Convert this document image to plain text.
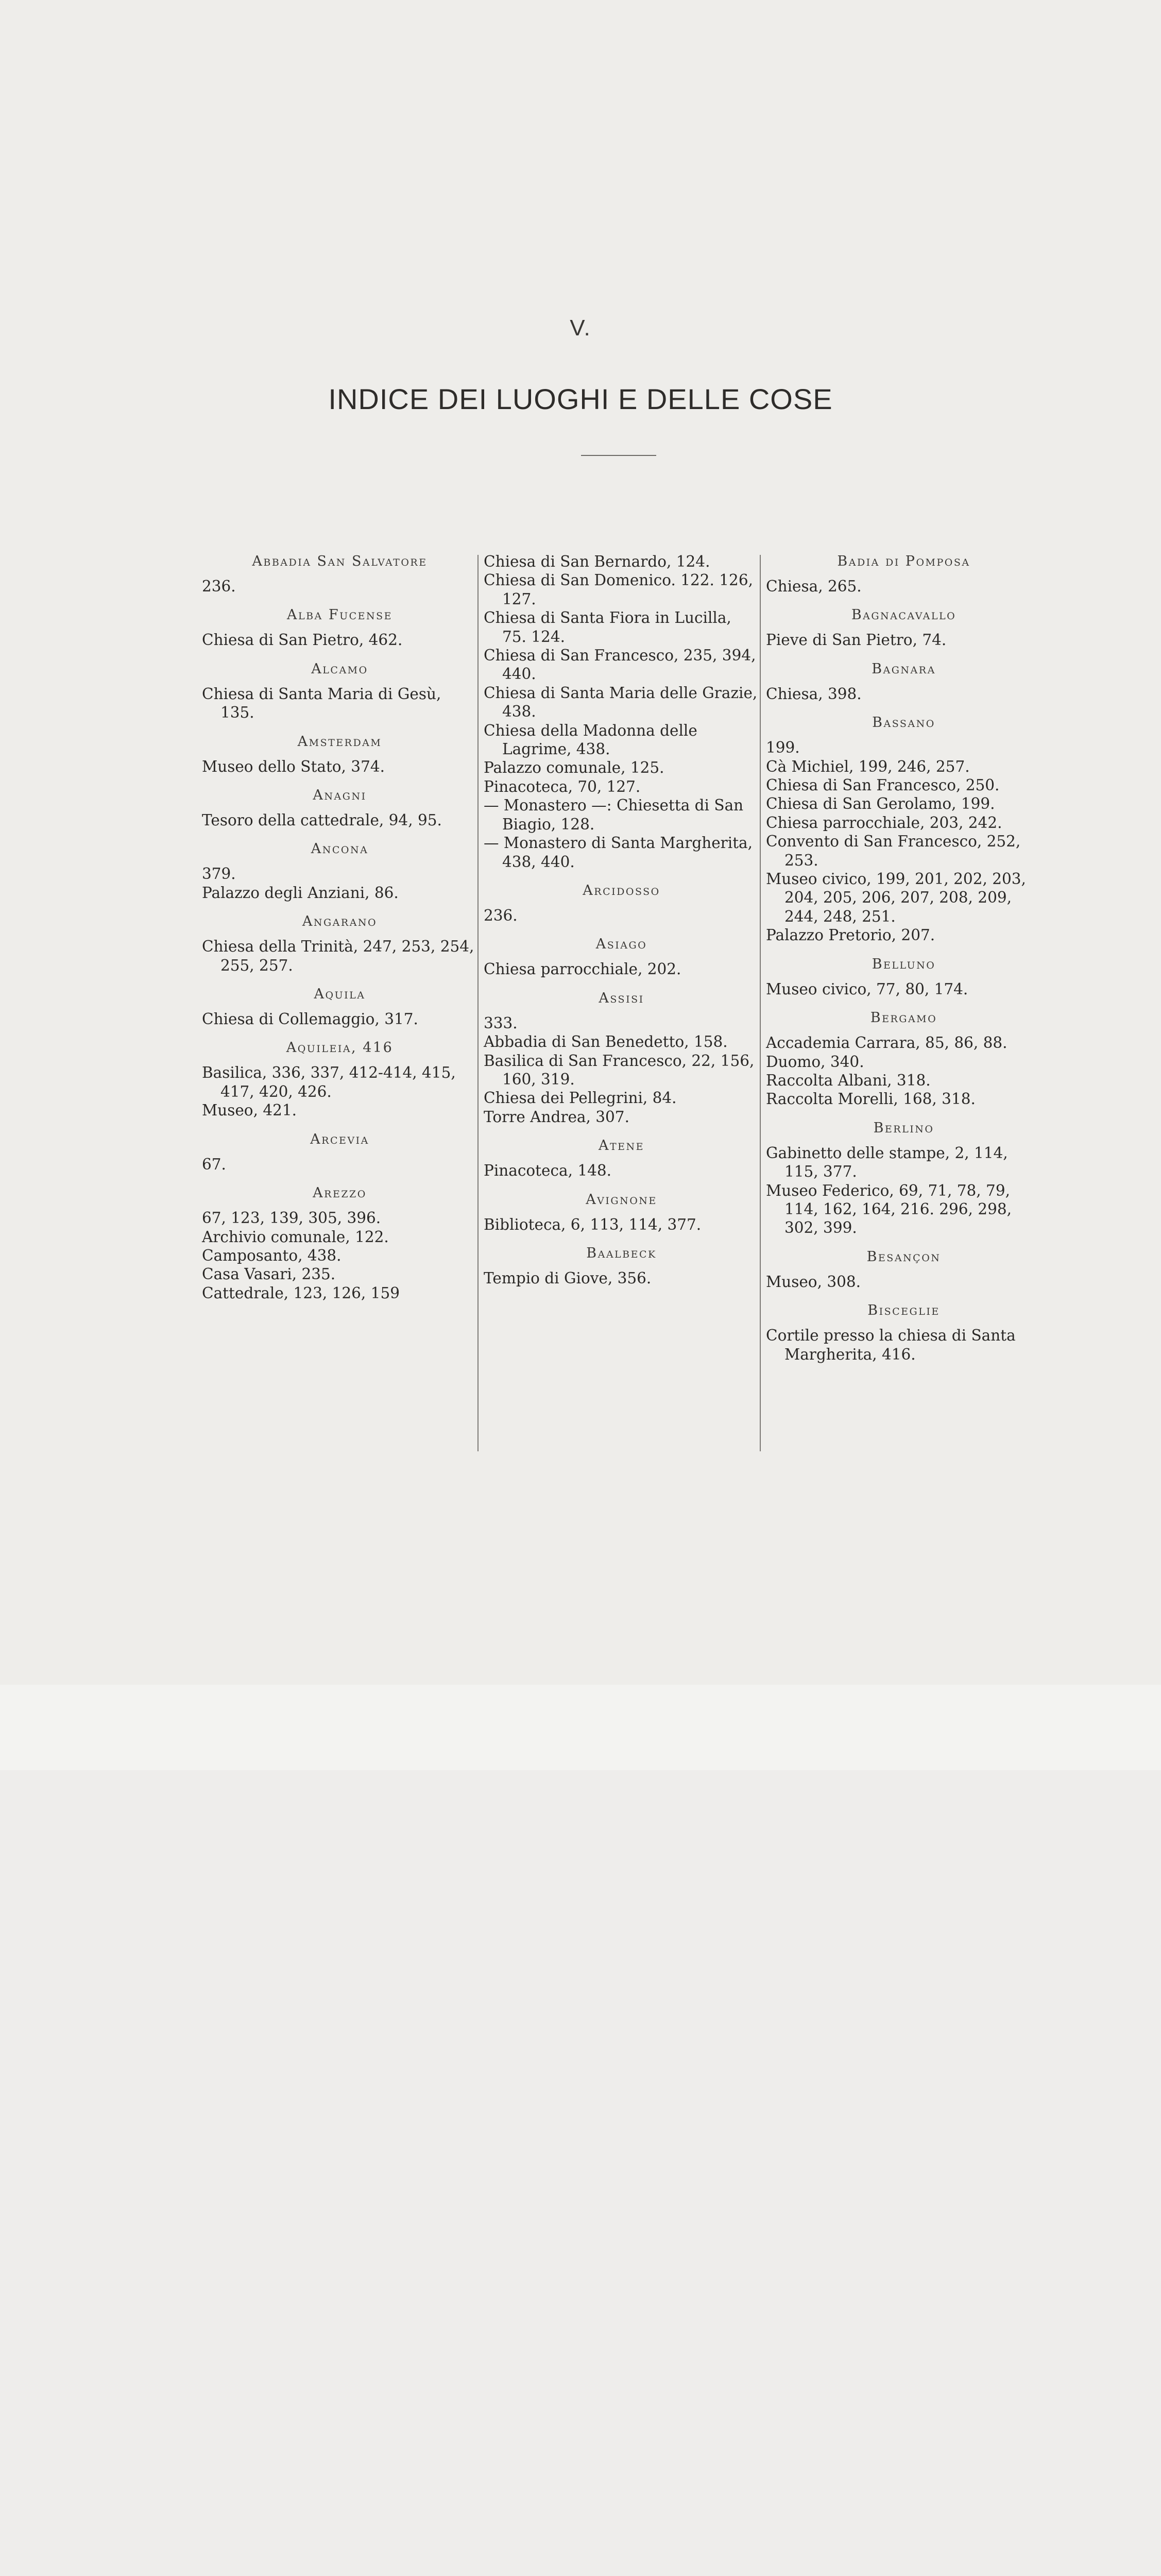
V.
INDICE DEI LUOGHI E DELLE COSE
Abbadia San Salvatore
236.
Alba Fucense
Chiesa di San Pietro, 462.
Alcamo
Chiesa di Santa Maria di Gesù, 135.
Amsterdam
Museo dello Stato, 374.
Anagni
Tesoro della cattedrale, 94, 95.
Ancona
379.
Palazzo degli Anziani, 86.
Angarano
Chiesa della Trinità, 247, 253, 254, 255, 257.
Aquila
Chiesa di Collemaggio, 317.
Aquileia, 416
Basilica, 336, 337, 412-414, 415, 417, 420, 426.
Museo, 421.
Arcevia
67.
Arezzo
67, 123, 139, 305, 396.
Archivio comunale, 122.
Camposanto, 438.
Casa Vasari, 235.
Cattedrale, 123, 126, 159
Chiesa di San Bernardo, 124.
Chiesa di San Domenico. 122. 126, 127.
Chiesa di Santa Fiora in Lucilla, 75. 124.
Chiesa di San Francesco, 235, 394, 440.
Chiesa di Santa Maria delle Grazie, 438.
Chiesa della Madonna delle Lagrime, 438.
Palazzo comunale, 125.
Pinacoteca, 70, 127.
— Monastero —: Chiesetta di San Biagio, 128.
— Monastero di Santa Margherita, 438, 440.
Arcidosso
236.
Asiago
Chiesa parrocchiale, 202.
Assisi
333.
Abbadia di San Benedetto, 158.
Basilica di San Francesco, 22, 156, 160, 319.
Chiesa dei Pellegrini, 84.
Torre Andrea, 307.
Atene
Pinacoteca, 148.
Avignone
Biblioteca, 6, 113, 114, 377.
Baalbeck
Tempio di Giove, 356.
Badia di Pomposa
Chiesa, 265.
Bagnacavallo
Pieve di San Pietro, 74.
Bagnara
Chiesa, 398.
Bassano
199.
Cà Michiel, 199, 246, 257.
Chiesa di San Francesco, 250.
Chiesa di San Gerolamo, 199.
Chiesa parrocchiale, 203, 242.
Convento di San Francesco, 252, 253.
Museo civico, 199, 201, 202, 203, 204, 205, 206, 207, 208, 209, 244, 248, 251.
Palazzo Pretorio, 207.
Belluno
Museo civico, 77, 80, 174.
Bergamo
Accademia Carrara, 85, 86, 88.
Duomo, 340.
Raccolta Albani, 318.
Raccolta Morelli, 168, 318.
Berlino
Gabinetto delle stampe, 2, 114, 115, 377.
Museo Federico, 69, 71, 78, 79, 114, 162, 164, 216. 296, 298, 302, 399.
Besançon
Museo, 308.
Bisceglie
Cortile presso la chiesa di Santa Margherita, 416.
